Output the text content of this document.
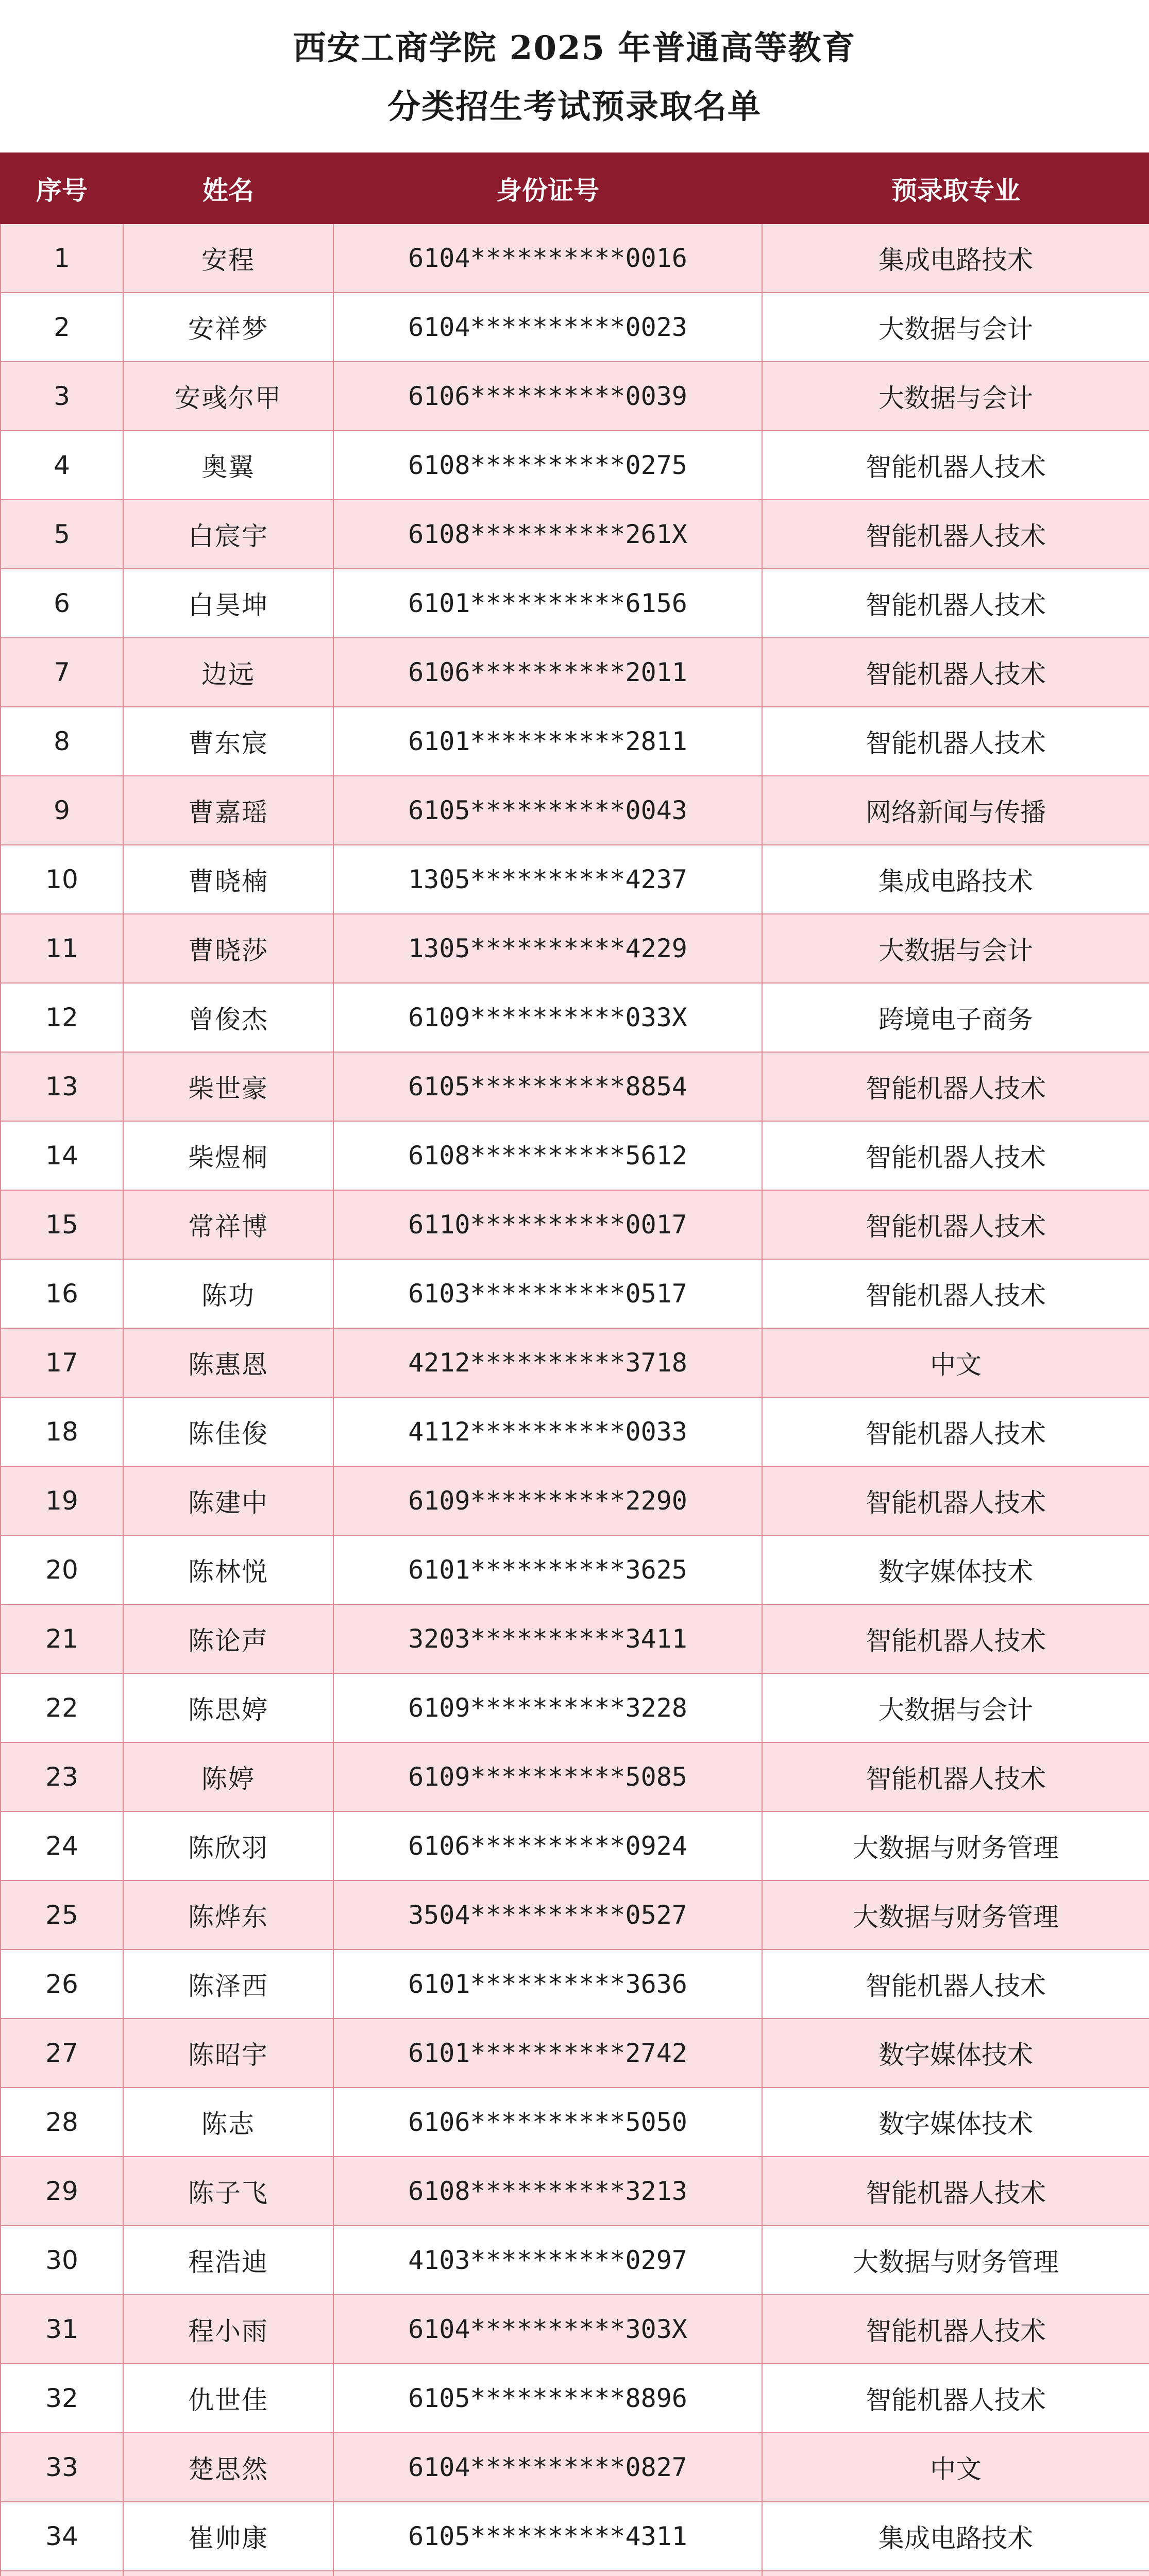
西安工商学院 2025 年普通高等教育
分类招生考试预录取名单
序号	姓名	身份证号	预录取专业
1	安程	6104**********0016	集成电路技术
2	安祥梦	6104**********0023	大数据与会计
3	安彧尔甲	6106**********0039	大数据与会计
4	奥翼	6108**********0275	智能机器人技术
5	白宸宇	6108**********261X	智能机器人技术
6	白昊坤	6101**********6156	智能机器人技术
7	边远	6106**********2011	智能机器人技术
8	曹东宸	6101**********2811	智能机器人技术
9	曹嘉瑶	6105**********0043	网络新闻与传播
10	曹晓楠	1305**********4237	集成电路技术
11	曹晓莎	1305**********4229	大数据与会计
12	曾俊杰	6109**********033X	跨境电子商务
13	柴世豪	6105**********8854	智能机器人技术
14	柴煜桐	6108**********5612	智能机器人技术
15	常祥博	6110**********0017	智能机器人技术
16	陈功	6103**********0517	智能机器人技术
17	陈惠恩	4212**********3718	中文
18	陈佳俊	4112**********0033	智能机器人技术
19	陈建中	6109**********2290	智能机器人技术
20	陈林悦	6101**********3625	数字媒体技术
21	陈论声	3203**********3411	智能机器人技术
22	陈思婷	6109**********3228	大数据与会计
23	陈婷	6109**********5085	智能机器人技术
24	陈欣羽	6106**********0924	大数据与财务管理
25	陈烨东	3504**********0527	大数据与财务管理
26	陈泽西	6101**********3636	智能机器人技术
27	陈昭宇	6101**********2742	数字媒体技术
28	陈志	6106**********5050	数字媒体技术
29	陈子飞	6108**********3213	智能机器人技术
30	程浩迪	4103**********0297	大数据与财务管理
31	程小雨	6104**********303X	智能机器人技术
32	仇世佳	6105**********8896	智能机器人技术
33	楚思然	6104**********0827	中文
34	崔帅康	6105**********4311	集成电路技术
